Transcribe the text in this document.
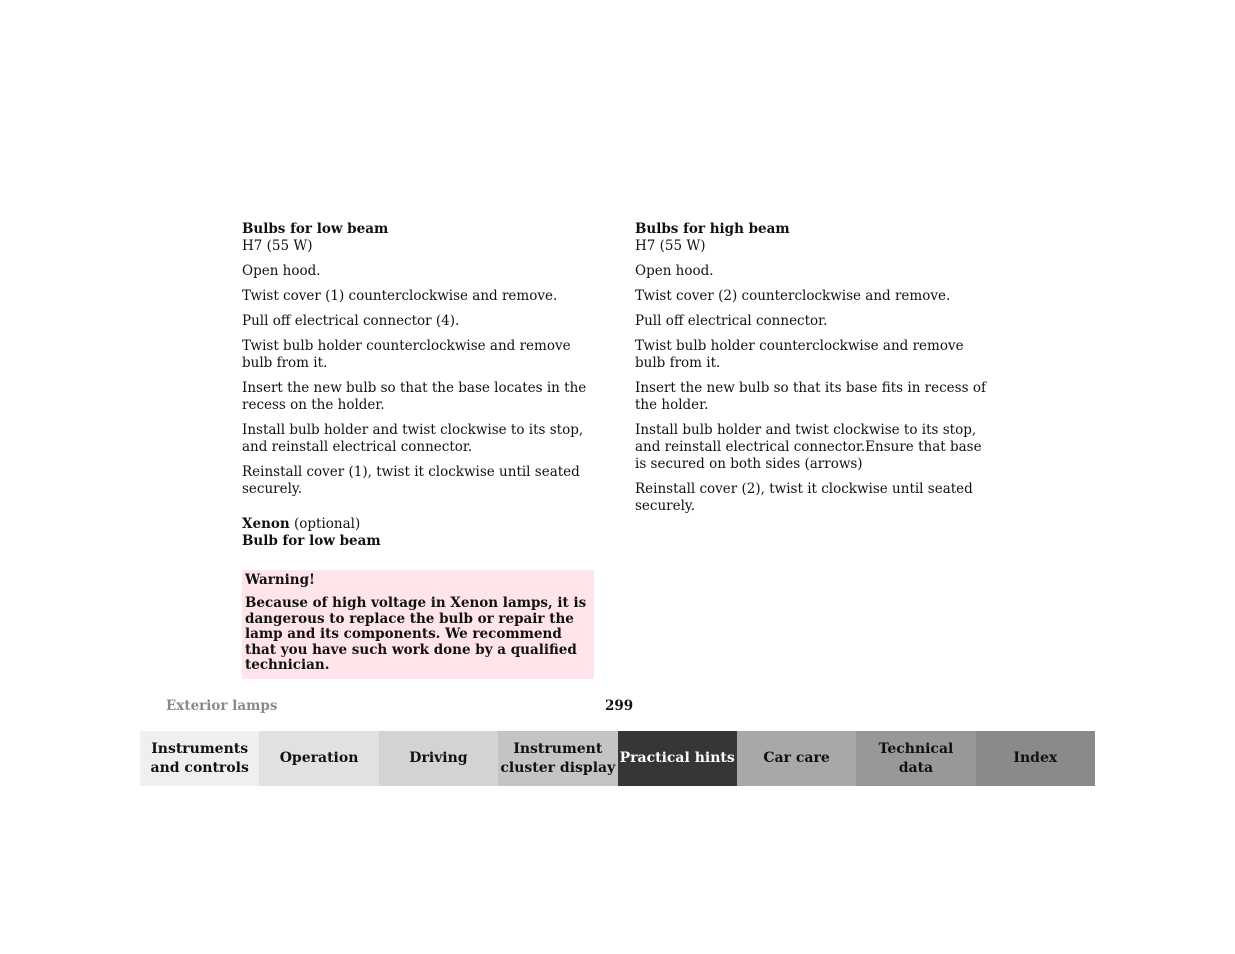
Bulbs for low beam
H7 (55 W)
Open hood.
Twist cover (1) counterclockwise and remove.
Pull off electrical connector (4).
Twist bulb holder counterclockwise and remove bulb from it.
Insert the new bulb so that the base locates in the recess on the holder.
Install bulb holder and twist clockwise to its stop, and reinstall electrical connector.
Reinstall cover (1), twist it clockwise until seated securely.
Xenon (optional)
Bulb for low beam
Warning!
Because of high voltage in Xenon lamps, it is dangerous to replace the bulb or repair the lamp and its components. We recommend that you have such work done by a qualified technician.
Bulbs for high beam
H7 (55 W)
Open hood.
Twist cover (2) counterclockwise and remove.
Pull off electrical connector.
Twist bulb holder counterclockwise and remove bulb from it.
Insert the new bulb so that its base fits in recess of the holder.
Install bulb holder and twist clockwise to its stop, and reinstall electrical connector.Ensure that base is secured on both sides (arrows)
Reinstall cover (2), twist it clockwise until seated securely.
Exterior lamps	299
Instruments
and controls
Operation	Driving
Instrument
cluster display
Practical hints	Car care
Technical
data
Index
